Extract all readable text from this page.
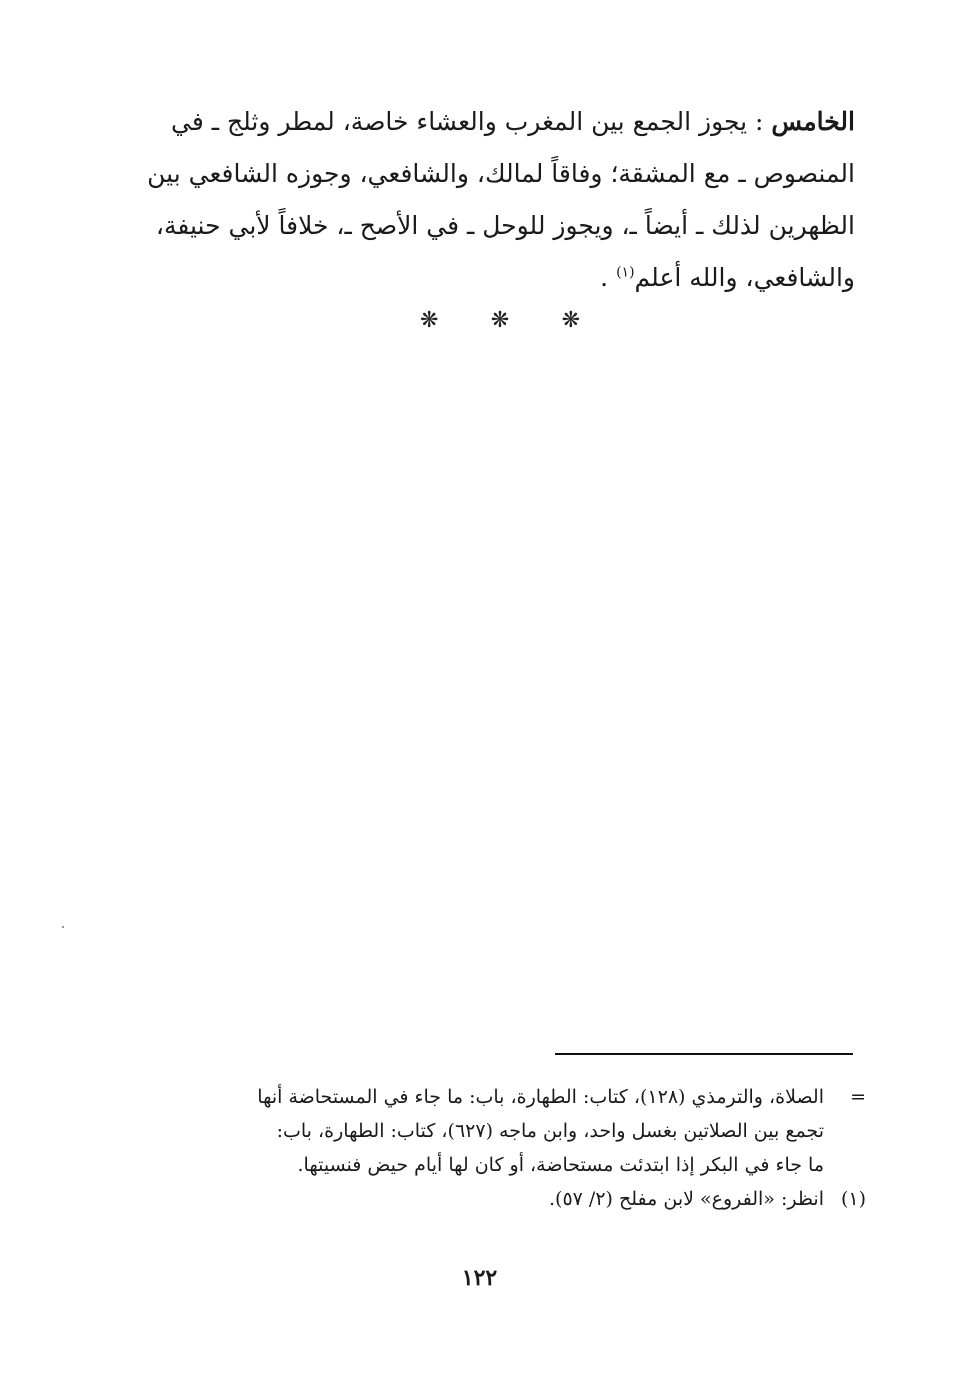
الخامس : يجوز الجمع بين المغرب والعشاء خاصة، لمطر وثلج ـ في
المنصوص ـ مع المشقة؛ وفاقاً لمالك، والشافعي، وجوزه الشافعي بين
الظهرين لذلك ـ أيضاً ـ، ويجوز للوحل ـ في الأصح ـ، خلافاً لأبي حنيفة،
والشافعي، والله أعلم$^{(١)}$ .
❋ ❋ ❋
=
الصلاة، والترمذي (١٢٨)، كتاب: الطهارة، باب: ما جاء في المستحاضة أنها
تجمع بين الصلاتين بغسل واحد، وابن ماجه (٦٢٧)، كتاب: الطهارة، باب:
ما جاء في البكر إذا ابتدئت مستحاضة، أو كان لها أيام حيض فنسيتها.
(١)
انظر: «الفروع» لابن مفلح (٢/ ٥٧).
١٢٢
